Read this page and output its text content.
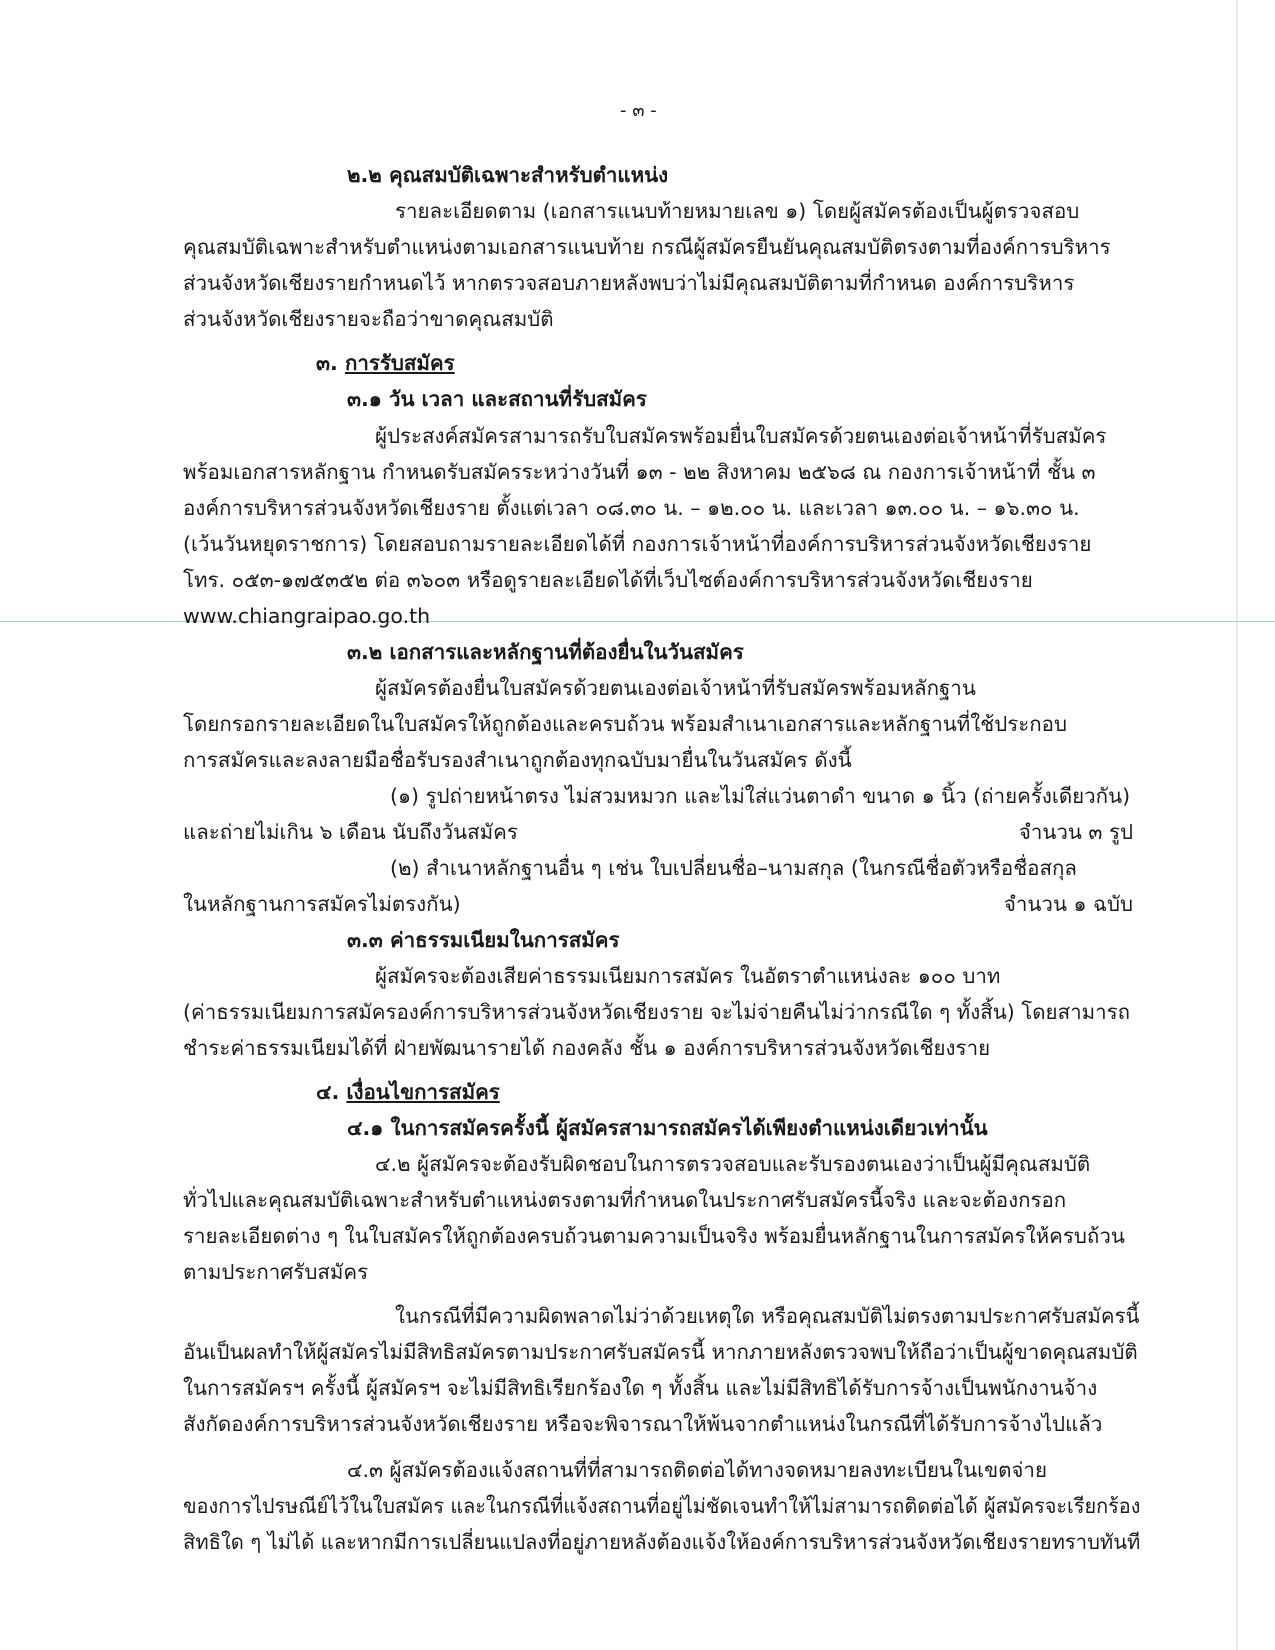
- ๓ -
๒.๒ คุณสมบัติเฉพาะสำหรับตำแหน่ง
รายละเอียดตาม (เอกสารแนบท้ายหมายเลข ๑) โดยผู้สมัครต้องเป็นผู้ตรวจสอบ
คุณสมบัติเฉพาะสำหรับตำแหน่งตามเอกสารแนบท้าย กรณีผู้สมัครยืนยันคุณสมบัติตรงตามที่องค์การบริหาร
ส่วนจังหวัดเชียงรายกำหนดไว้ หากตรวจสอบภายหลังพบว่าไม่มีคุณสมบัติตามที่กำหนด องค์การบริหาร
ส่วนจังหวัดเชียงรายจะถือว่าขาดคุณสมบัติ
๓. การรับสมัคร
๓.๑ วัน เวลา และสถานที่รับสมัคร
ผู้ประสงค์สมัครสามารถรับใบสมัครพร้อมยื่นใบสมัครด้วยตนเองต่อเจ้าหน้าที่รับสมัคร
พร้อมเอกสารหลักฐาน กำหนดรับสมัครระหว่างวันที่ ๑๓ - ๒๒ สิงหาคม ๒๕๖๘ ณ กองการเจ้าหน้าที่ ชั้น ๓
องค์การบริหารส่วนจังหวัดเชียงราย ตั้งแต่เวลา ๐๘.๓๐ น. – ๑๒.๐๐ น. และเวลา ๑๓.๐๐ น. – ๑๖.๓๐ น.
(เว้นวันหยุดราชการ) โดยสอบถามรายละเอียดได้ที่ กองการเจ้าหน้าที่องค์การบริหารส่วนจังหวัดเชียงราย
โทร. ๐๕๓-๑๗๕๓๕๒ ต่อ ๓๖๐๓ หรือดูรายละเอียดได้ที่เว็บไซต์องค์การบริหารส่วนจังหวัดเชียงราย
www.chiangraipao.go.th
๓.๒ เอกสารและหลักฐานที่ต้องยื่นในวันสมัคร
ผู้สมัครต้องยื่นใบสมัครด้วยตนเองต่อเจ้าหน้าที่รับสมัครพร้อมหลักฐาน
โดยกรอกรายละเอียดในใบสมัครให้ถูกต้องและครบถ้วน พร้อมสำเนาเอกสารและหลักฐานที่ใช้ประกอบ
การสมัครและลงลายมือชื่อรับรองสำเนาถูกต้องทุกฉบับมายื่นในวันสมัคร ดังนี้
(๑) รูปถ่ายหน้าตรง ไม่สวมหมวก และไม่ใส่แว่นตาดำ ขนาด ๑ นิ้ว (ถ่ายครั้งเดียวกัน)
และถ่ายไม่เกิน ๖ เดือน นับถึงวันสมัคร	จำนวน ๓ รูป
(๒) สำเนาหลักฐานอื่น ๆ เช่น ใบเปลี่ยนชื่อ–นามสกุล (ในกรณีชื่อตัวหรือชื่อสกุล
ในหลักฐานการสมัครไม่ตรงกัน)	จำนวน ๑ ฉบับ
๓.๓ ค่าธรรมเนียมในการสมัคร
ผู้สมัครจะต้องเสียค่าธรรมเนียมการสมัคร ในอัตราตำแหน่งละ ๑๐๐ บาท
(ค่าธรรมเนียมการสมัครองค์การบริหารส่วนจังหวัดเชียงราย จะไม่จ่ายคืนไม่ว่ากรณีใด ๆ ทั้งสิ้น) โดยสามารถ
ชำระค่าธรรมเนียมได้ที่ ฝ่ายพัฒนารายได้ กองคลัง ชั้น ๑ องค์การบริหารส่วนจังหวัดเชียงราย
๔. เงื่อนไขการสมัคร
๔.๑ ในการสมัครครั้งนี้ ผู้สมัครสามารถสมัครได้เพียงตำแหน่งเดียวเท่านั้น
๔.๒ ผู้สมัครจะต้องรับผิดชอบในการตรวจสอบและรับรองตนเองว่าเป็นผู้มีคุณสมบัติ
ทั่วไปและคุณสมบัติเฉพาะสำหรับตำแหน่งตรงตามที่กำหนดในประกาศรับสมัครนี้จริง และจะต้องกรอก
รายละเอียดต่าง ๆ ในใบสมัครให้ถูกต้องครบถ้วนตามความเป็นจริง พร้อมยื่นหลักฐานในการสมัครให้ครบถ้วน
ตามประกาศรับสมัคร
ในกรณีที่มีความผิดพลาดไม่ว่าด้วยเหตุใด หรือคุณสมบัติไม่ตรงตามประกาศรับสมัครนี้
อันเป็นผลทำให้ผู้สมัครไม่มีสิทธิสมัครตามประกาศรับสมัครนี้ หากภายหลังตรวจพบให้ถือว่าเป็นผู้ขาดคุณสมบัติ
ในการสมัครฯ ครั้งนี้ ผู้สมัครฯ จะไม่มีสิทธิเรียกร้องใด ๆ ทั้งสิ้น และไม่มีสิทธิได้รับการจ้างเป็นพนักงานจ้าง
สังกัดองค์การบริหารส่วนจังหวัดเชียงราย หรือจะพิจารณาให้พ้นจากตำแหน่งในกรณีที่ได้รับการจ้างไปแล้ว
๔.๓ ผู้สมัครต้องแจ้งสถานที่ที่สามารถติดต่อได้ทางจดหมายลงทะเบียนในเขตจ่าย
ของการไปรษณีย์ไว้ในใบสมัคร และในกรณีที่แจ้งสถานที่อยู่ไม่ชัดเจนทำให้ไม่สามารถติดต่อได้ ผู้สมัครจะเรียกร้อง
สิทธิใด ๆ ไม่ได้ และหากมีการเปลี่ยนแปลงที่อยู่ภายหลังต้องแจ้งให้องค์การบริหารส่วนจังหวัดเชียงรายทราบทันที
